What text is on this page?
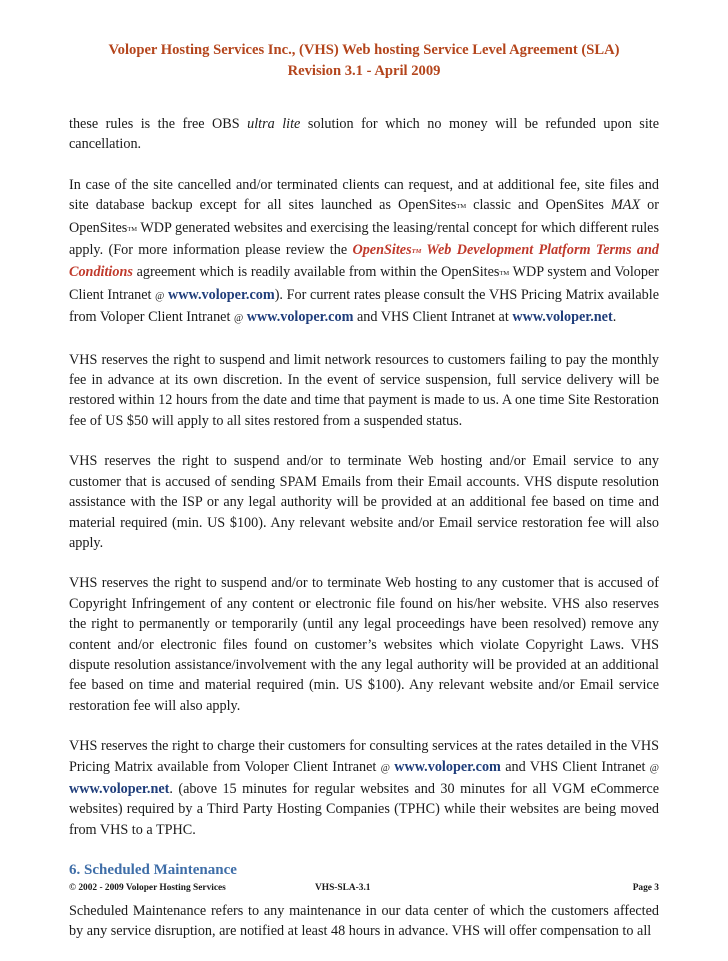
Voloper Hosting Services Inc., (VHS) Web hosting Service Level Agreement (SLA)
Revision 3.1 - April 2009

these rules is the free OBS ultra lite solution for which no money will be refunded upon site cancellation.

In case of the site cancelled and/or terminated clients can request, and at additional fee, site files and site database backup except for all sites launched as OpenSitesTM classic and OpenSites MAX or OpenSitesTM WDP generated websites and exercising the leasing/rental concept for which different rules apply. (For more information please review the OpenSitesTM Web Development Platform Terms and Conditions agreement which is readily available from within the OpenSitesTM WDP system and Voloper Client Intranet @ www.voloper.com). For current rates please consult the VHS Pricing Matrix available from Voloper Client Intranet @ www.voloper.com and VHS Client Intranet at www.voloper.net.

VHS reserves the right to suspend and limit network resources to customers failing to pay the monthly fee in advance at its own discretion. In the event of service suspension, full service delivery will be restored within 12 hours from the date and time that payment is made to us. A one time Site Restoration fee of US $50 will apply to all sites restored from a suspended status.

VHS reserves the right to suspend and/or to terminate Web hosting and/or Email service to any customer that is accused of sending SPAM Emails from their Email accounts. VHS dispute resolution assistance with the ISP or any legal authority will be provided at an additional fee based on time and material required (min. US $100). Any relevant website and/or Email service restoration fee will also apply.

VHS reserves the right to suspend and/or to terminate Web hosting to any customer that is accused of Copyright Infringement of any content or electronic file found on his/her website. VHS also reserves the right to permanently or temporarily (until any legal proceedings have been resolved) remove any content and/or electronic files found on customer’s websites which violate Copyright Laws. VHS dispute resolution assistance/involvement with the any legal authority will be provided at an additional fee based on time and material required (min. US $100). Any relevant website and/or Email service restoration fee will also apply.

VHS reserves the right to charge their customers for consulting services at the rates detailed in the VHS Pricing Matrix available from Voloper Client Intranet @ www.voloper.com and VHS Client Intranet @ www.voloper.net. (above 15 minutes for regular websites and 30 minutes for all VGM eCommerce websites) required by a Third Party Hosting Companies (TPHC) while their websites are being moved from VHS to a TPHC.

6. Scheduled Maintenance

Scheduled Maintenance refers to any maintenance in our data center of which the customers affected by any service disruption, are notified at least 48 hours in advance. VHS will offer compensation to all

© 2002 - 2009 Voloper Hosting Services	VHS-SLA-3.1	Page 3
